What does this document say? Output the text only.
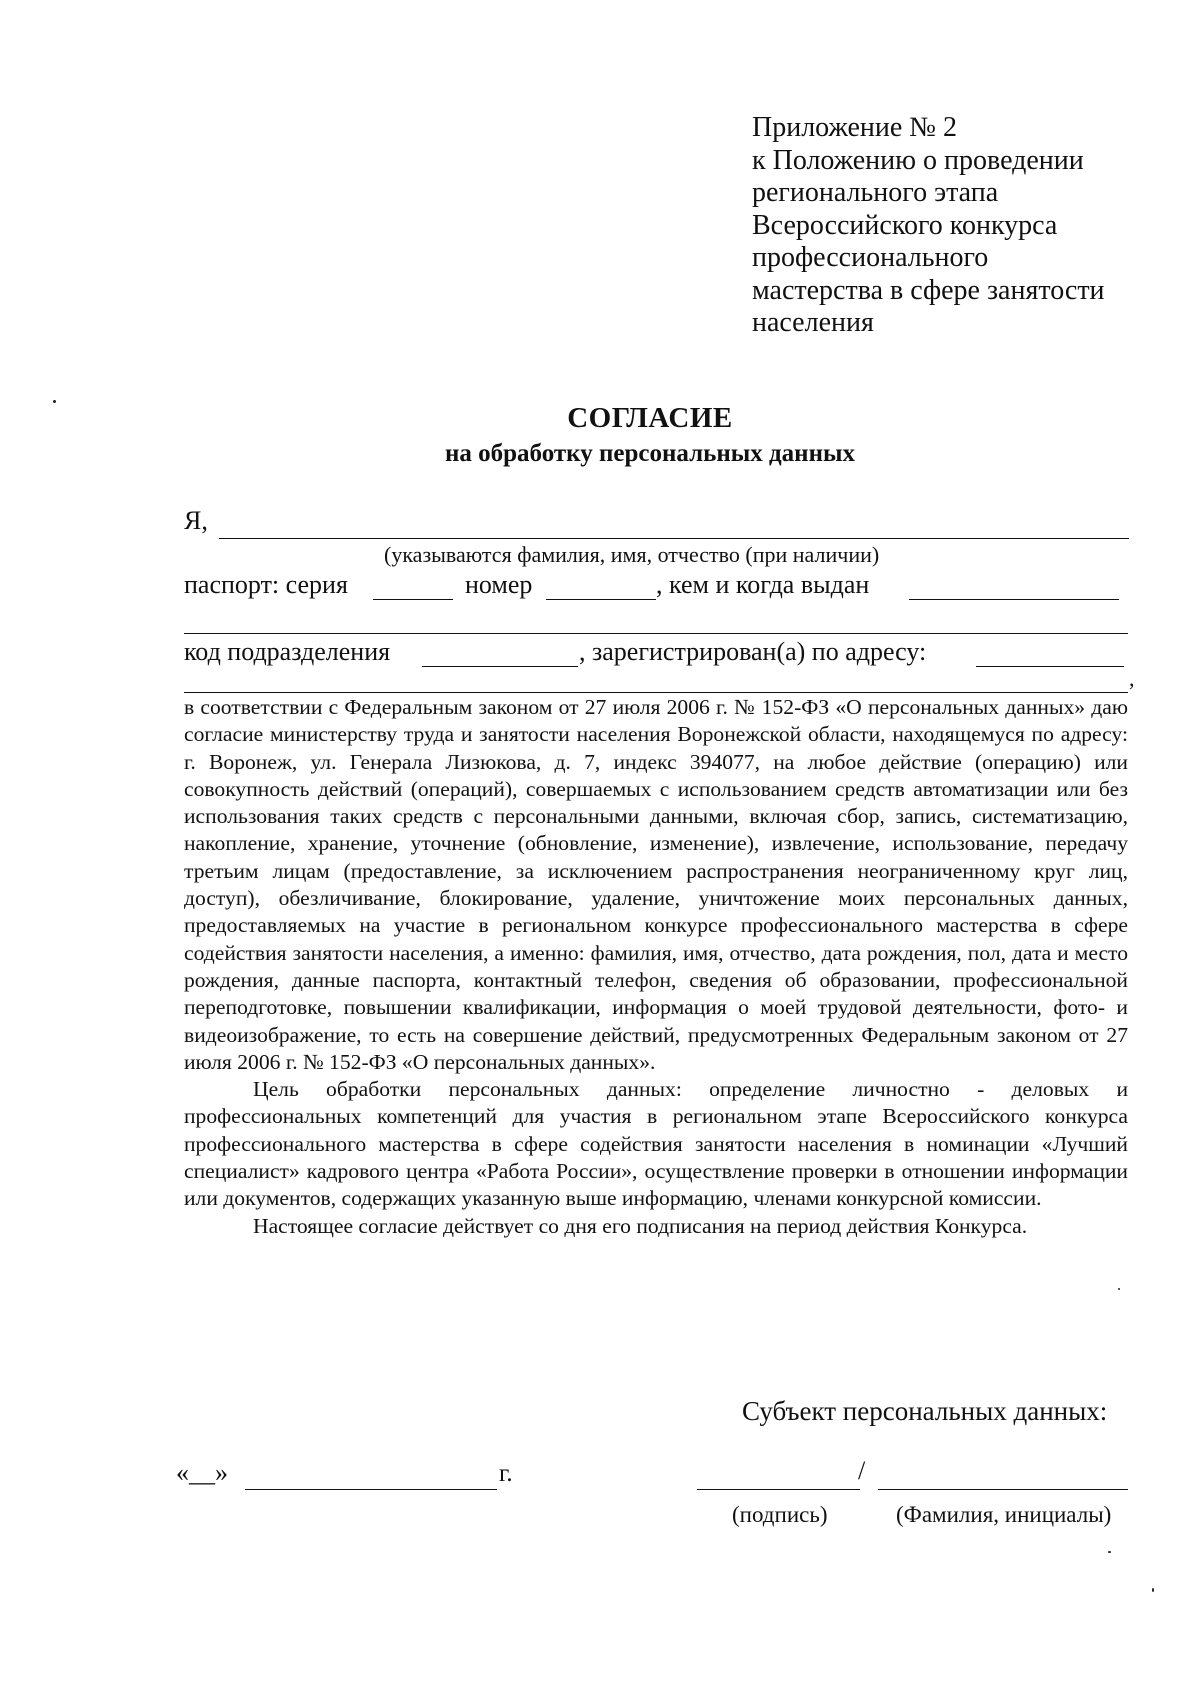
Приложение № 2
к Положению о проведении
регионального этапа
Всероссийского конкурса
профессионального
мастерства в сфере занятости
населения
СОГЛАСИЕ
на обработку персональных данных
Я,
(указываются фамилия, имя, отчество (при наличии)
паспорт: серия	номер	, кем и когда выдан
код подразделения	, зарегистрирован(а) по адресу:
,

в соответствии с Федеральным законом от 27 июля 2006 г. № 152-ФЗ «О персональных данных» даю согласие министерству труда и занятости населения Воронежской области, находящемуся по адресу: г. Воронеж, ул. Генерала Лизюкова, д. 7, индекс 394077, на любое действие (операцию) или совокупность действий (операций), совершаемых с использованием средств автоматизации или без использования таких средств с персональными данными, включая сбор, запись, систематизацию, накопление, хранение, уточнение (обновление, изменение), извлечение, использование, передачу третьим лицам (предоставление, за исключением распространения неограниченному круг лиц, доступ), обезличивание, блокирование, удаление, уничтожение моих персональных данных, предоставляемых на участие в региональном конкурсе профессионального мастерства в сфере содействия занятости населения, а именно: фамилия, имя, отчество, дата рождения, пол, дата и место рождения, данные паспорта, контактный телефон, сведения об образовании, профессиональной переподготовке, повышении квалификации, информация о моей трудовой деятельности, фото- и видеоизображение, то есть на совершение действий, предусмотренных Федеральным законом от 27 июля 2006 г. № 152-ФЗ «О персональных данных».

Цель обработки персональных данных: определение личностно - деловых и профессиональных компетенций для участия в региональном этапе Всероссийского конкурса профессионального мастерства в сфере содействия занятости населения в номинации «Лучший специалист» кадрового центра «Работа России», осуществление проверки в отношении информации или документов, содержащих указанную выше информацию, членами конкурсной комиссии.

Настоящее согласие действует со дня его подписания на период действия Конкурса.

Субъект персональных данных:
«__»	г.	/
(подпись)	(Фамилия, инициалы)
